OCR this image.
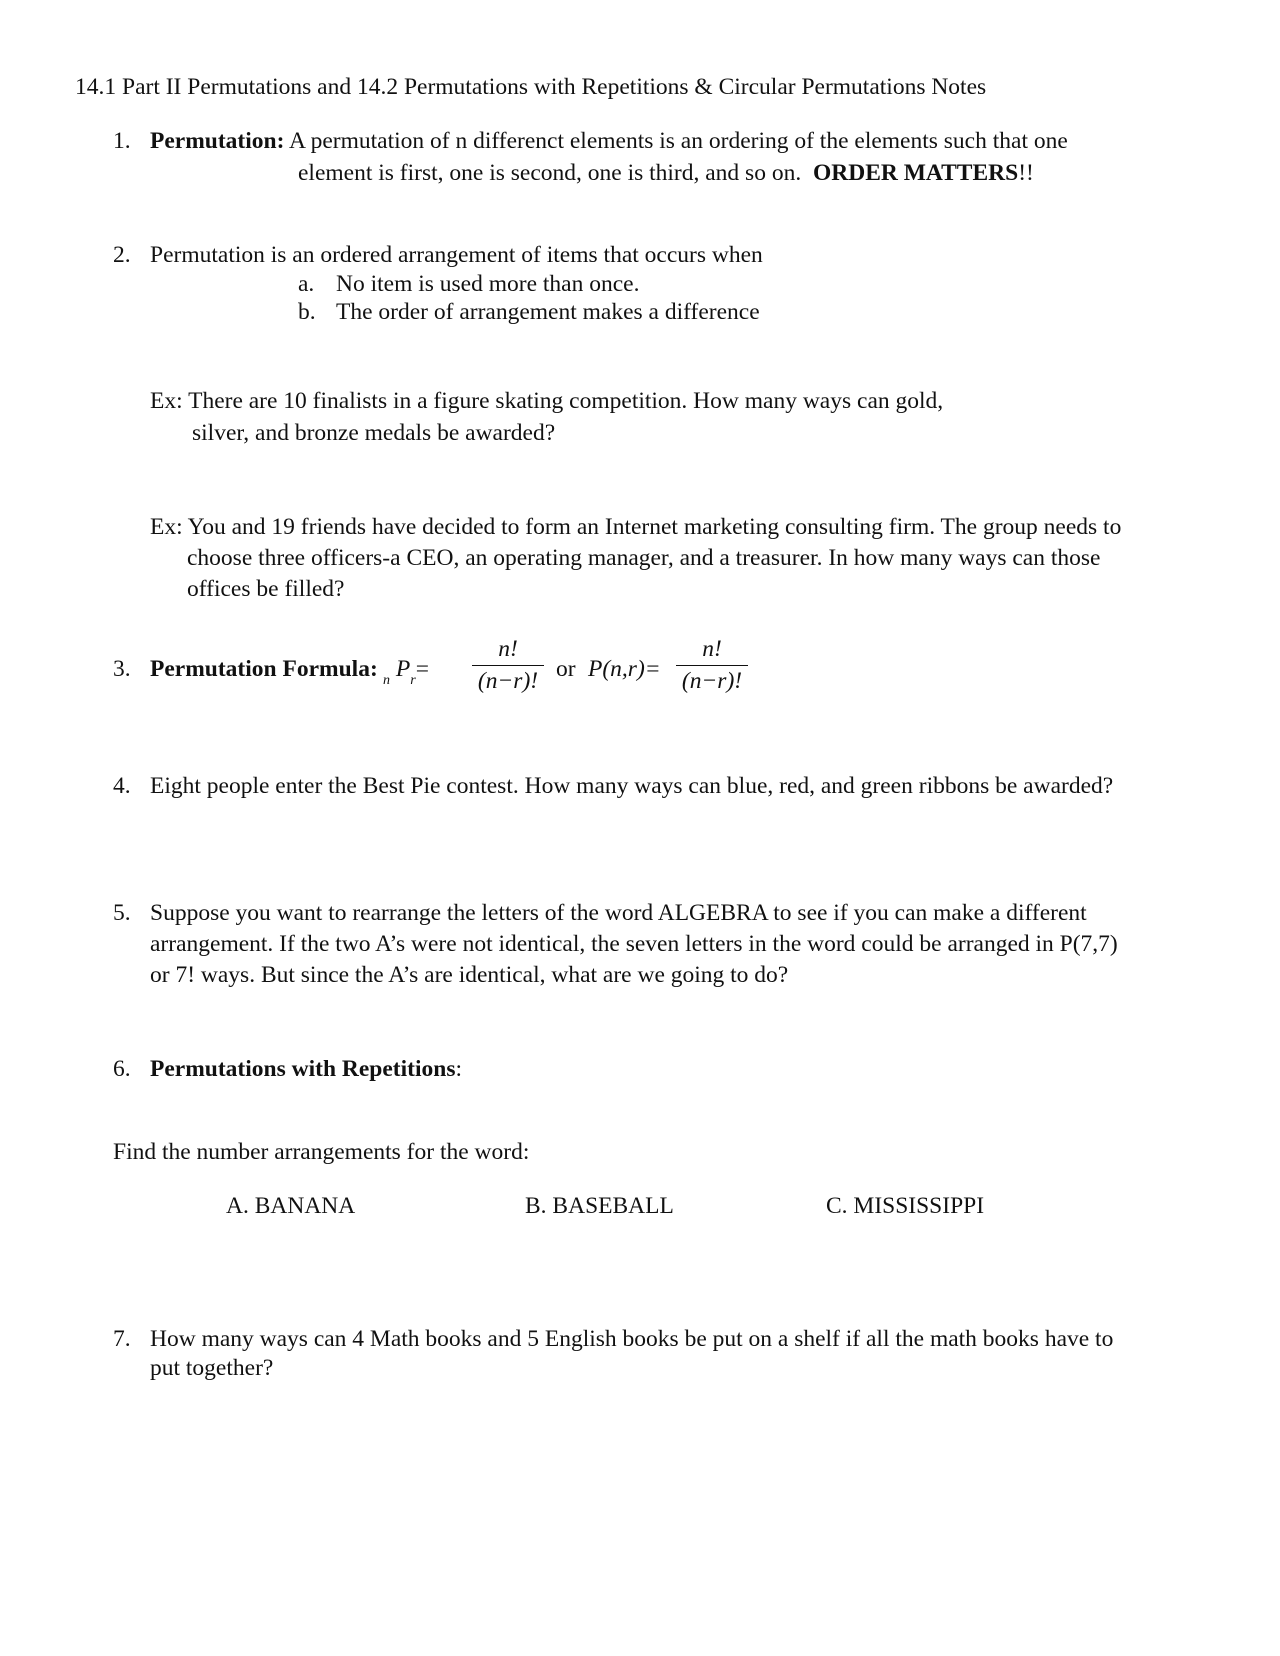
14.1 Part II Permutations and 14.2 Permutations with Repetitions & Circular Permutations Notes
1. Permutation: A permutation of n differenct elements is an ordering of the elements such that one
element is first, one is second, one is third, and so on. ORDER MATTERS!!
2. Permutation is an ordered arrangement of items that occurs when
a. No item is used more than once.
b. The order of arrangement makes a difference
Ex: There are 10 finalists in a figure skating competition. How many ways can gold,
silver, and bronze medals be awarded?
Ex: You and 19 friends have decided to form an Internet marketing consulting firm. The group needs to
choose three officers-a CEO, an operating manager, and a treasurer. In how many ways can those
offices be filled?
3. Permutation Formula: $_n$ $P_r=$
n!
(n−r)! or P(n,r)=
n!
(n−r)!
4. Eight people enter the Best Pie contest. How many ways can blue, red, and green ribbons be awarded?
5. Suppose you want to rearrange the letters of the word ALGEBRA to see if you can make a different
arrangement. If the two A’s were not identical, the seven letters in the word could be arranged in P(7,7)
or 7! ways. But since the A’s are identical, what are we going to do?
6. Permutations with Repetitions:
Find the number arrangements for the word:
A. BANANA	B. BASEBALL	C. MISSISSIPPI
7. How many ways can 4 Math books and 5 English books be put on a shelf if all the math books have to
put together?
